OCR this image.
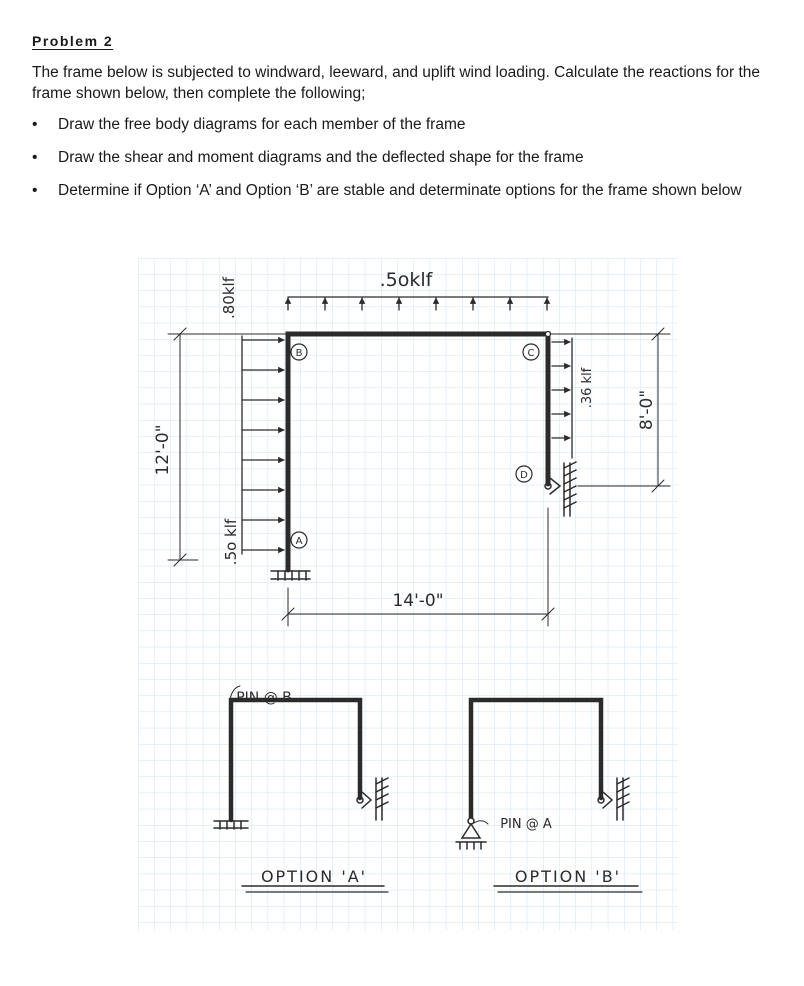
Problem 2
The frame below is subjected to windward, leeward, and uplift wind loading. Calculate the reactions for the frame shown below, then complete the following;
• Draw the free body diagrams for each member of the frame
• Draw the shear and moment diagrams and the deflected shape for the frame
• Determine if Option ‘A’ and Option ‘B’ are stable and determinate options for the frame shown below
B	C
D
A
.5oklf
.80klf
.5o klf
.36 klf
12'-0"
8'-0"
14'-0"
PIN @ B
OPTION 'A'
PIN @ A
OPTION 'B'
